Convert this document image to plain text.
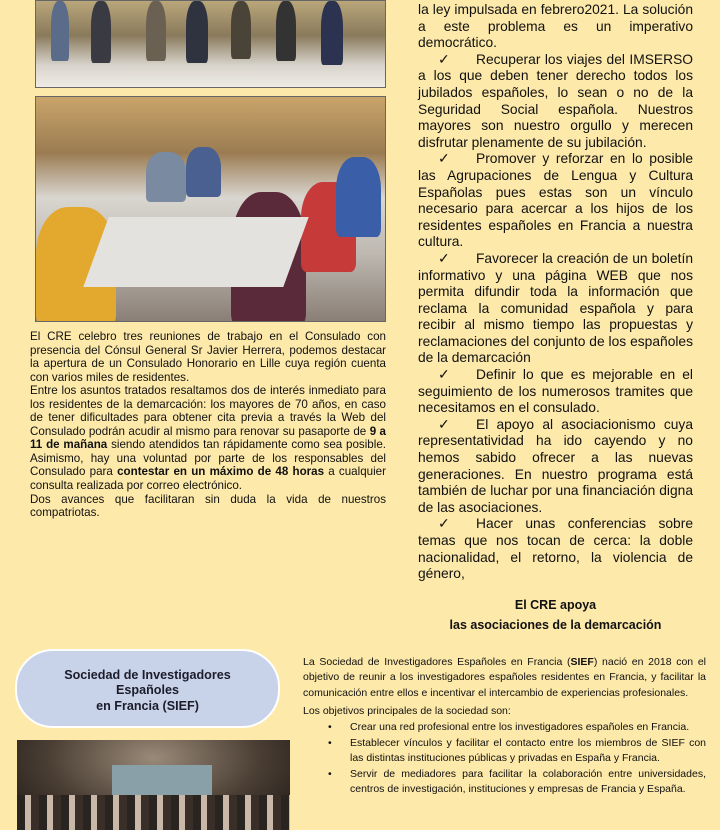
El CRE celebro tres reuniones de trabajo en el Consulado con presencia del Cónsul General Sr Javier Herrera, podemos destacar la apertura de un Consulado Honorario en Lille cuya región cuenta con varios miles de residentes.

Entre los asuntos tratados resaltamos dos de interés inmediato para los residentes de la demarcación: los mayores de 70 años, en caso de tener dificultades para obtener cita previa a través la Web del Consulado podrán acudir al mismo para renovar su pasaporte de 9 a 11 de mañana siendo atendidos tan rápidamente como sea posible. Asimismo, hay una voluntad por parte de los responsables del Consulado para contestar en un máximo de 48 horas a cualquier consulta realizada por correo electrónico.

Dos avances que facilitaran sin duda la vida de nuestros compatriotas.

la ley impulsada en febrero2021. La solución a este problema es un imperativo democrático.

✓ Recuperar los viajes del IMSERSO a los que deben tener derecho todos los jubilados españoles, lo sean o no de la Seguridad Social española. Nuestros mayores son nuestro orgullo y merecen disfrutar plenamente de su jubilación.

✓ Promover y reforzar en lo posible las Agrupaciones de Lengua y Cultura Españolas pues estas son un vínculo necesario para acercar a los hijos de los residentes españoles en Francia a nuestra cultura.

✓ Favorecer la creación de un boletín informativo y una página WEB que nos permita difundir toda la información que reclama la comunidad española y para recibir al mismo tiempo las propuestas y reclamaciones del conjunto de los españoles de la demarcación

✓ Definir lo que es mejorable en el seguimiento de los numerosos tramites que necesitamos en el consulado.

✓ El apoyo al asociacionismo cuya representatividad ha ido cayendo y no hemos sabido ofrecer a las nuevas generaciones. En nuestro programa está también de luchar por una financiación digna de las asociaciones.

✓ Hacer unas conferencias sobre temas que nos tocan de cerca: la doble nacionalidad, el retorno, la violencia de género,

El CRE apoya
las asociaciones de la demarcación
Sociedad de Investigadores
Españoles
en Francia (SIEF)

La Sociedad de Investigadores Españoles en Francia (SIEF) nació en 2018 con el objetivo de reunir a los investigadores españoles residentes en Francia, y facilitar la comunicación entre ellos e incentivar el intercambio de experiencias profesionales.

Los objetivos principales de la sociedad son:

• Crear una red profesional entre los investigadores españoles en Francia.
• Establecer vínculos y facilitar el contacto entre los miembros de SIEF con las distintas instituciones públicas y privadas en España y Francia.
• Servir de mediadores para facilitar la colaboración entre universidades, centros de investigación, instituciones y empresas de Francia y España.
